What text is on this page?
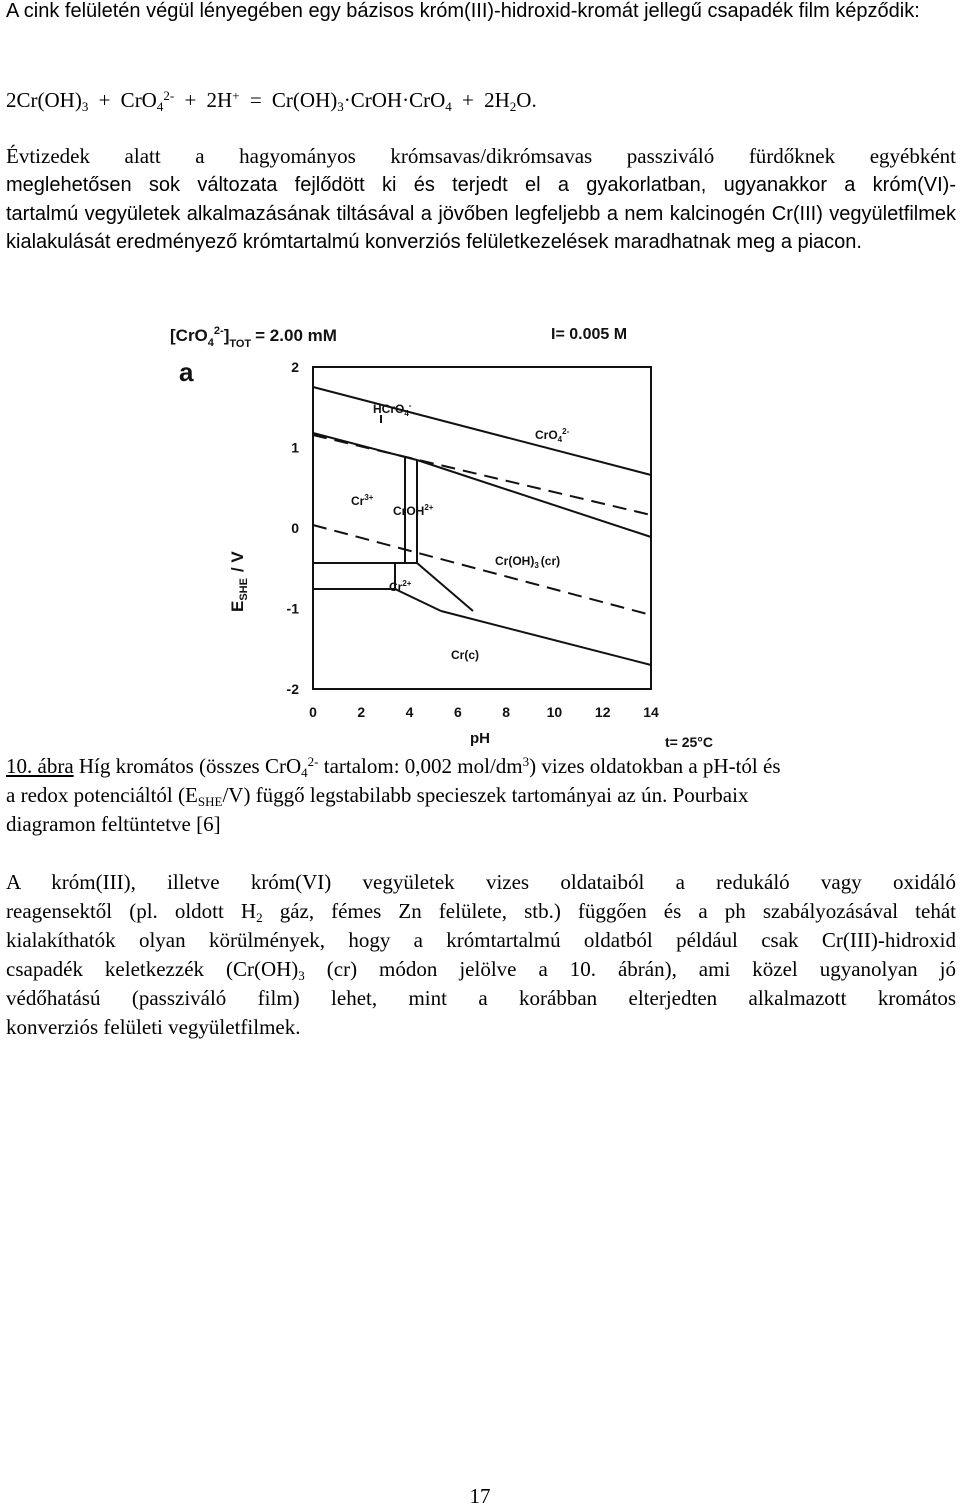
A cink felületén végül lényegében egy bázisos króm(III)-hidroxid-kromát jellegű csapadék film képződik:
$2Cr(OH)_3 + CrO_4^{2-} + 2H^+$ = $Cr(OH)_3\cdot CrOH\cdot CrO_4 + 2H_2O$.
Évtizedek alatt a hagyományos krómsavas/dikrómsavas passziváló fürdőknek egyébként
meglehetősen sok változata fejlődött ki és terjedt el a gyakorlatban, ugyanakkor a króm(VI)-
tartalmú vegyületek alkalmazásának tiltásával a jövőben legfeljebb a nem kalcinogén Cr(III) vegyületfilmek kialakulását eredményező krómtartalmú konverziós felületkezelések maradhatnak meg a piacon.
$[CrO_4^{2-}]_{TOT} = 2.00$ mM	I= 0.005 M
a
$E_{SHE}/$ V
0	2	4	6	8	10 12 14
2
1
0
-1
-2
HCrO$_4$-
CrO$_4^{2-}$
$Cr^{3+}$
CrOH$^{2+}$
$Cr(OH)_3$ (cr)
$Cr^{2+}$
Cr(c)
pH	t= 25°C
10. ábra Híg kromátos (összes CrO$_4^{2-}$ tartalom: 0,002 mol/$dm^3$) vizes oldatokban a pH-tól és
a redox potenciáltól $(E_{SHE}/V)$ függő legstabilabb specieszek tartományai az ún. Pourbaix
diagramon feltüntetve [6]
A króm(III), illetve króm(VI) vegyületek vizes oldataiból a redukáló vagy oxidáló
reagensektől (pl. oldott $H_2$ gáz, fémes Zn felülete, stb.) függően és a ph szabályozásával tehát
kialakíthatók olyan körülmények, hogy a krómtartalmú oldatból például csak Cr(III)-hidroxid
csapadék keletkezzék ($Cr(OH)_3$ (cr) módon jelölve a 10. ábrán), ami közel ugyanolyan jó
védőhatású (passziváló film) lehet, mint a korábban elterjedten alkalmazott kromátos
konverziós felületi vegyületfilmek.
17
